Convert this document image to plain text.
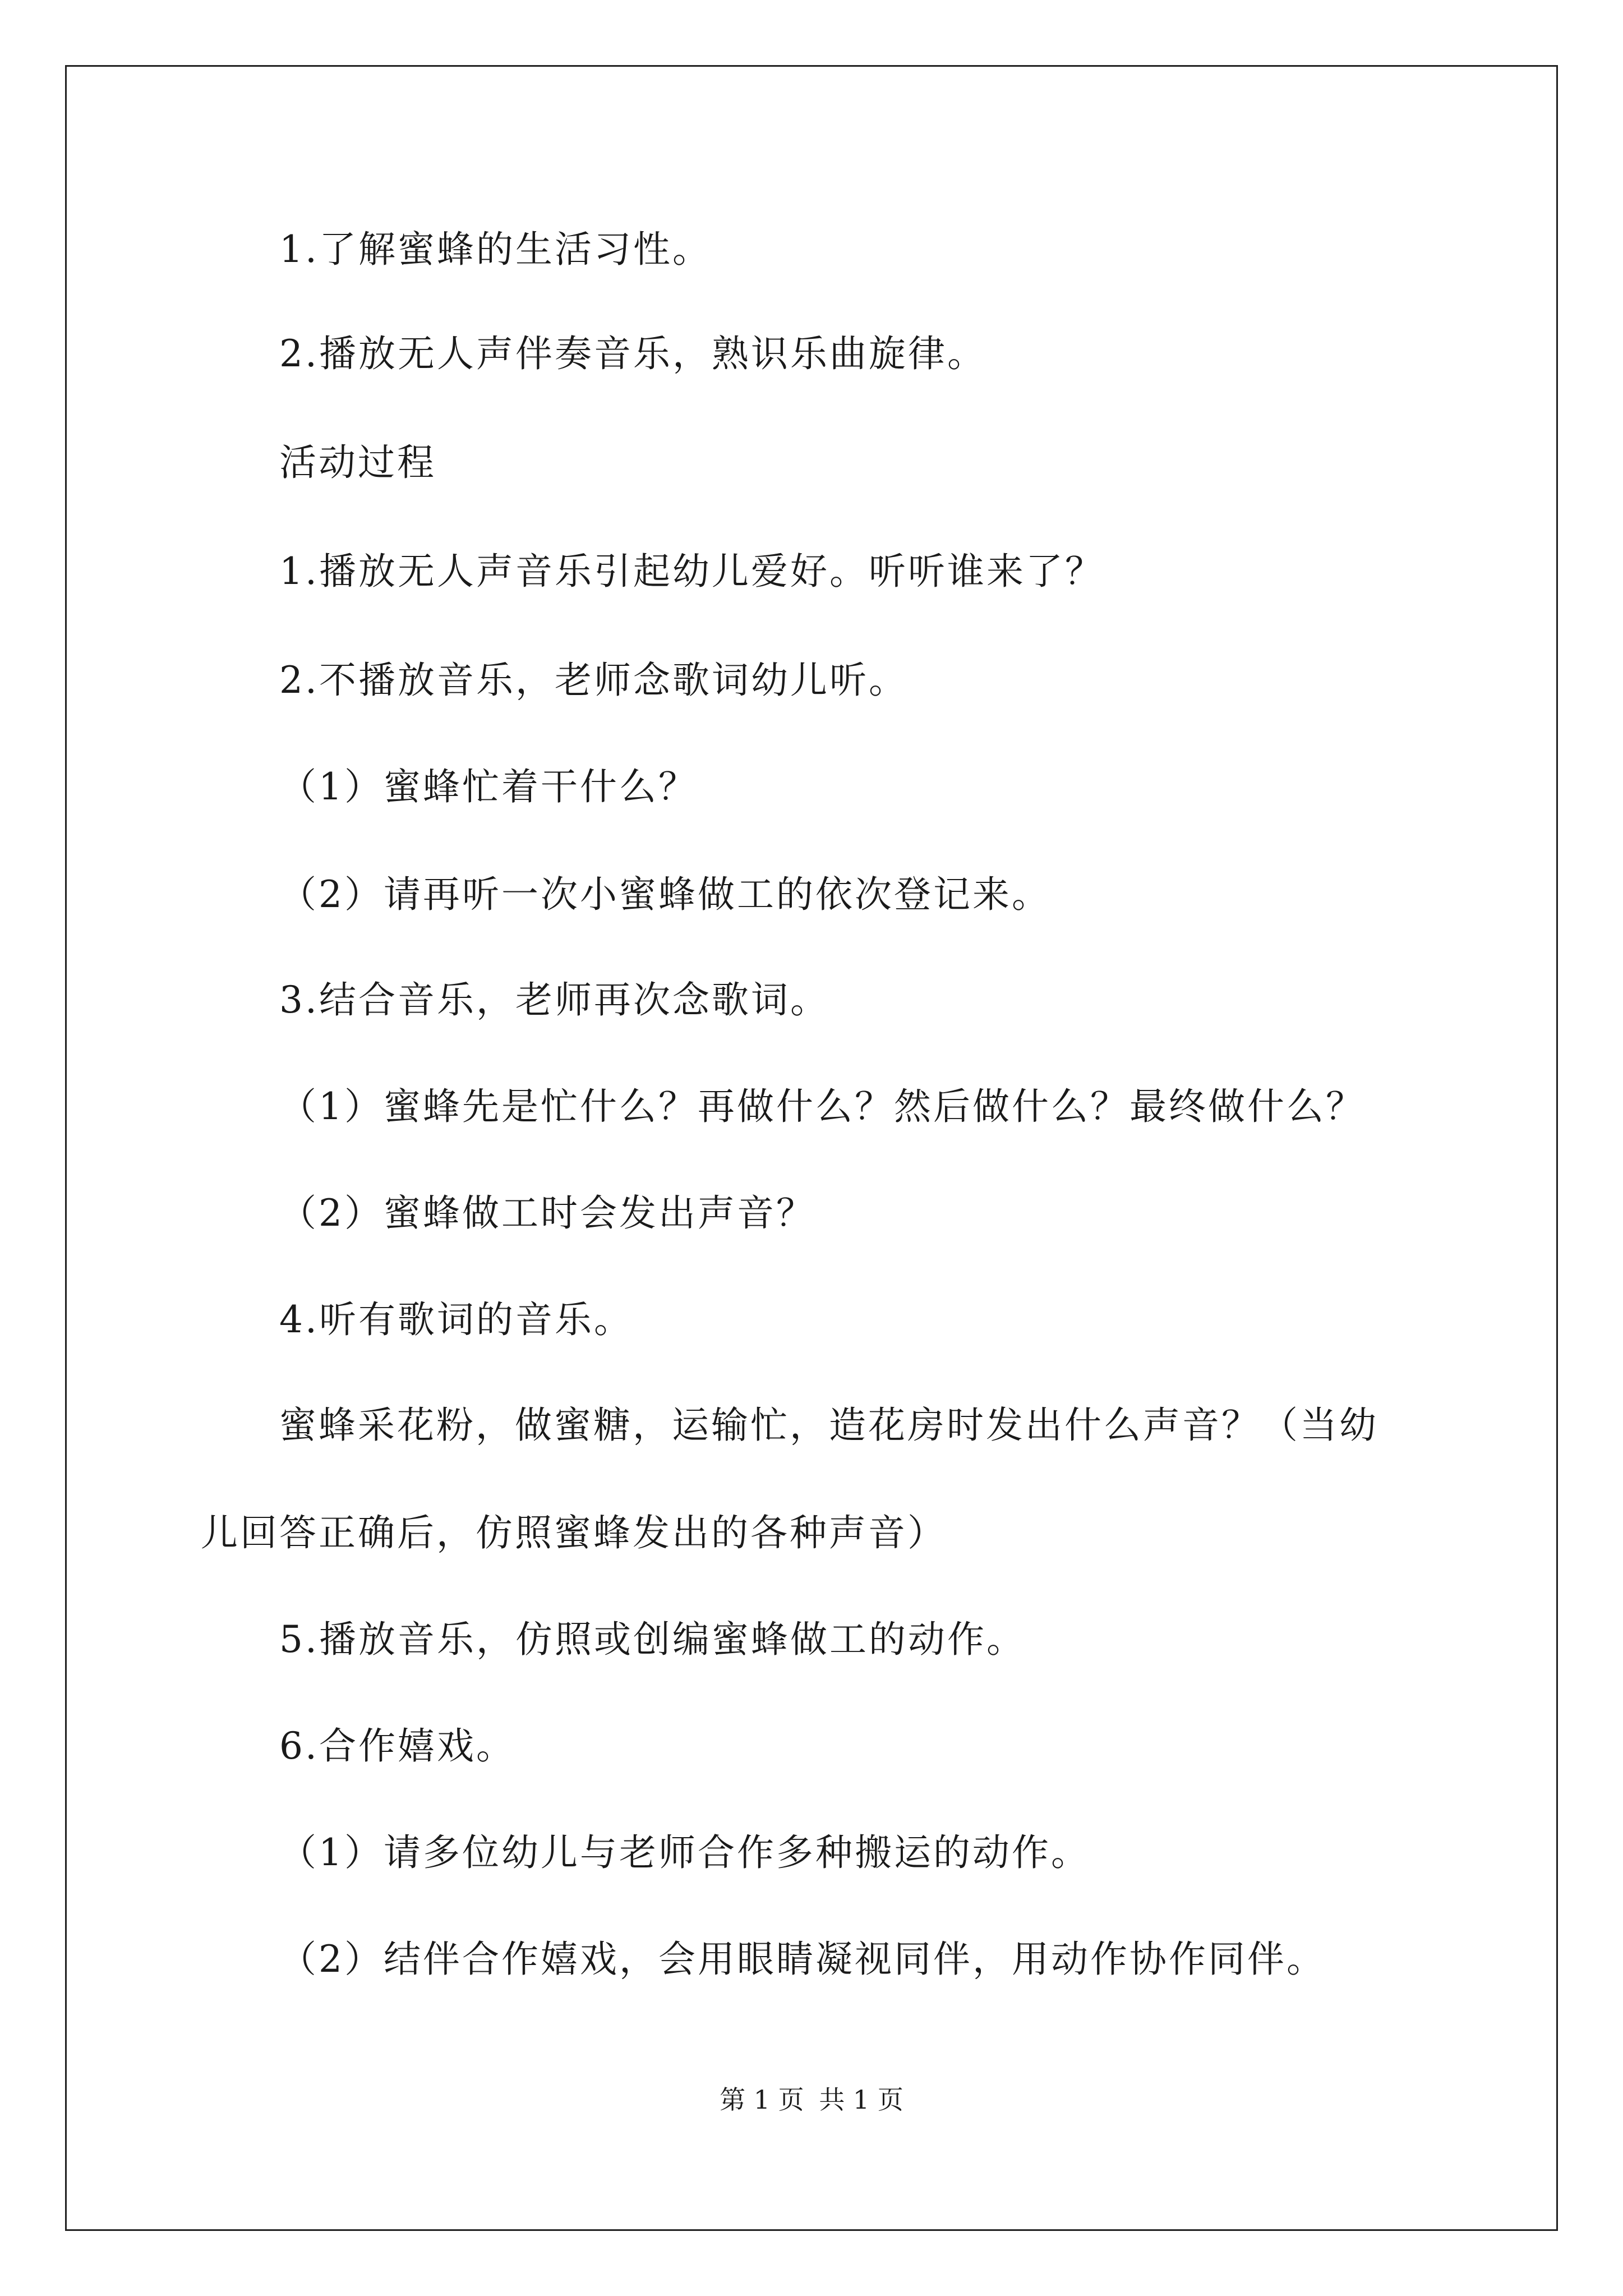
1.了解蜜蜂的生活习性。
2.播放无人声伴奏音乐，熟识乐曲旋律。
活动过程
1.播放无人声音乐引起幼儿爱好。听听谁来了？
2.不播放音乐，老师念歌词幼儿听。
（1）蜜蜂忙着干什么？
（2）请再听一次小蜜蜂做工的依次登记来。
3.结合音乐，老师再次念歌词。
（1）蜜蜂先是忙什么？再做什么？然后做什么？最终做什么？
（2）蜜蜂做工时会发出声音？
4.听有歌词的音乐。
蜜蜂采花粉，做蜜糖，运输忙，造花房时发出什么声音？（当幼
儿回答正确后，仿照蜜蜂发出的各种声音）
5.播放音乐，仿照或创编蜜蜂做工的动作。
6.合作嬉戏。
（1）请多位幼儿与老师合作多种搬运的动作。
（2）结伴合作嬉戏，会用眼睛凝视同伴，用动作协作同伴。
第 1 页 共 1 页
